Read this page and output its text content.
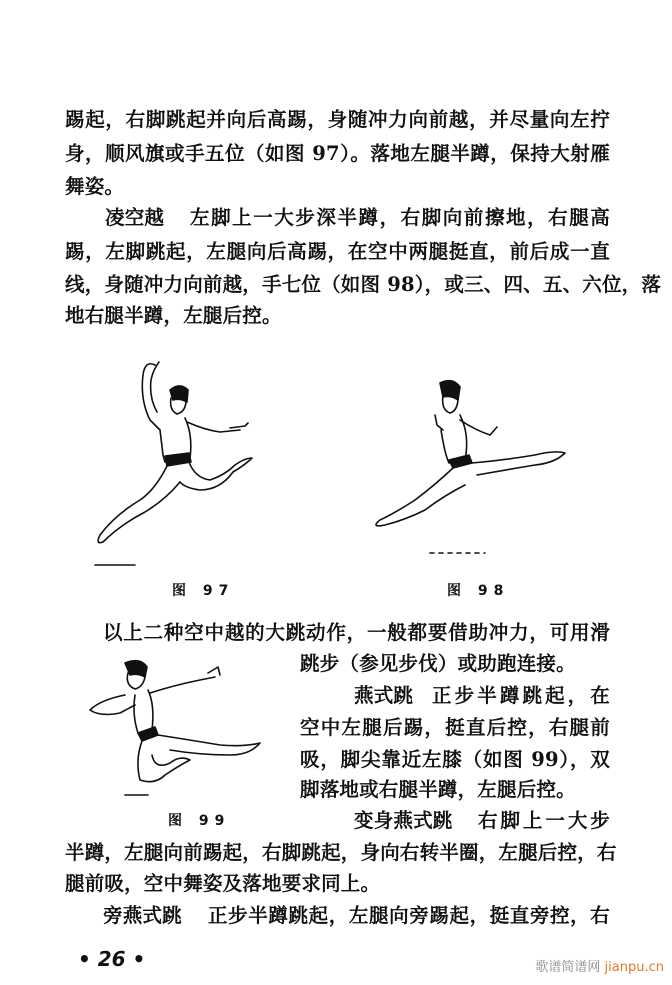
踢起，右脚跳起并向后高踢，身随冲力向前越，并尽量向左拧
身，顺风旗或手五位（如图 97）。落地左腿半蹲，保持大射雁
舞姿。
凌空越 左脚上一大步深半蹲，右脚向前擦地，右腿高
踢，左脚跳起，左腿向后高踢，在空中两腿挺直，前后成一直
线，身随冲力向前越，手七位（如图 98），或三、四、五、六位，落
地右腿半蹲，左腿后控。
图 97	图 98
以上二种空中越的大跳动作，一般都要借助冲力，可用滑
跳步（参见步伐）或助跑连接。
图 99
燕式跳 正步半蹲跳起，在
空中左腿后踢，挺直后控，右腿前
吸，脚尖靠近左膝（如图 99），双
脚落地或右腿半蹲，左腿后控。
变身燕式跳 右脚上一大步
半蹲，左腿向前踢起，右脚跳起，身向右转半圈，左腿后控，右
腿前吸，空中舞姿及落地要求同上。
旁燕式跳 正步半蹲跳起，左腿向旁踢起，挺直旁控，右
• 26 •	歌谱简谱网 jianpu.cn
